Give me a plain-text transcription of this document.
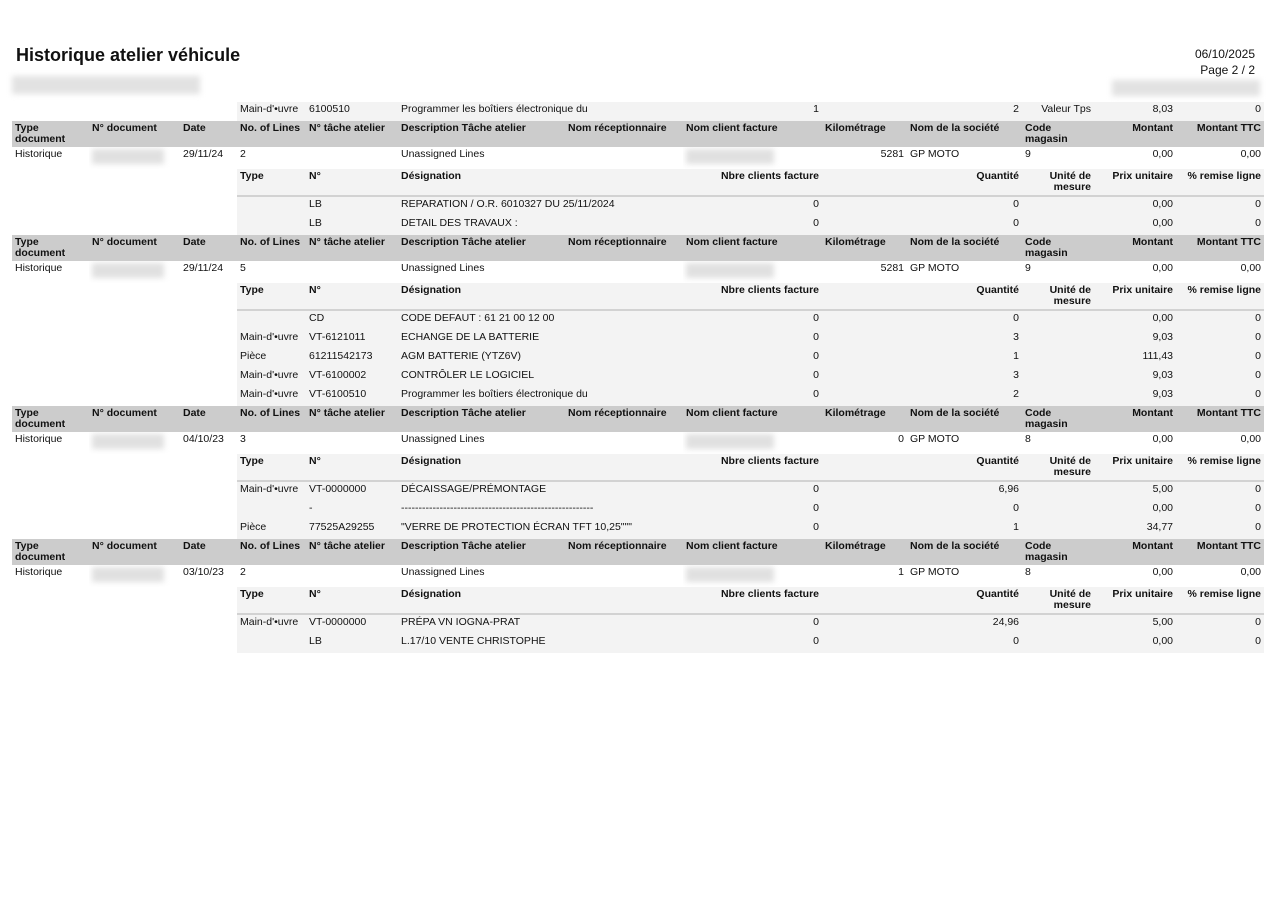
Historique atelier véhicule	06/10/2025
Page 2 / 2
			Main-d'•uvre	6100510	Programmer les boîtiers électronique du		1	2		Valeur Tps	8,03	0		
Type document	N° document	Date	No. of Lines	N° tâche atelier	Description Tâche atelier	Nom réceptionnaire	Nom client facture	Kilométrage	Nom de la société	Code magasin	Montant	Montant TTC	
Historique		29/11/24	2		Unassigned Lines			5281	GP MOTO	9	0,00	0,00	
			Type	N°	Désignation		Nbre clients facture	Quantité		Unité de mesure	Prix unitaire	% remise ligne		
				LB	REPARATION / O.R. 6010327 DU 25/11/2024		0	0			0,00	0		
				LB	DETAIL DES TRAVAUX :		0	0			0,00	0		
Type document	N° document	Date	No. of Lines	N° tâche atelier	Description Tâche atelier	Nom réceptionnaire	Nom client facture	Kilométrage	Nom de la société	Code magasin	Montant	Montant TTC	
Historique		29/11/24	5		Unassigned Lines			5281	GP MOTO	9	0,00	0,00	
			Type	N°	Désignation		Nbre clients facture	Quantité		Unité de mesure	Prix unitaire	% remise ligne		
				CD	CODE DEFAUT : 61 21 00 12 00		0	0			0,00	0		
			Main-d'•uvre	VT-6121011	ECHANGE DE LA BATTERIE		0	3			9,03	0		
			Pièce	61211542173	AGM BATTERIE (YTZ6V)		0	1			111,43	0		
			Main-d'•uvre	VT-6100002	CONTRÔLER LE LOGICIEL		0	3			9,03	0		
			Main-d'•uvre	VT-6100510	Programmer les boîtiers électronique du		0	2			9,03	0		
Type document	N° document	Date	No. of Lines	N° tâche atelier	Description Tâche atelier	Nom réceptionnaire	Nom client facture	Kilométrage	Nom de la société	Code magasin	Montant	Montant TTC	
Historique		04/10/23	3		Unassigned Lines			0	GP MOTO	8	0,00	0,00	
			Type	N°	Désignation		Nbre clients facture	Quantité		Unité de mesure	Prix unitaire	% remise ligne		
			Main-d'•uvre	VT-0000000	DÉCAISSAGE/PRÉMONTAGE		0	6,96			5,00	0		
				-	-------------------------------------------------------		0	0			0,00	0		
			Pièce	77525A29255	"VERRE DE PROTECTION ÉCRAN TFT 10,25"""		0	1			34,77	0		
Type document	N° document	Date	No. of Lines	N° tâche atelier	Description Tâche atelier	Nom réceptionnaire	Nom client facture	Kilométrage	Nom de la société	Code magasin	Montant	Montant TTC	
Historique		03/10/23	2		Unassigned Lines			1	GP MOTO	8	0,00	0,00	
			Type	N°	Désignation		Nbre clients facture	Quantité		Unité de mesure	Prix unitaire	% remise ligne		
			Main-d'•uvre	VT-0000000	PRÉPA VN IOGNA-PRAT		0	24,96			5,00	0		
				LB	L.17/10 VENTE CHRISTOPHE		0	0			0,00	0		
